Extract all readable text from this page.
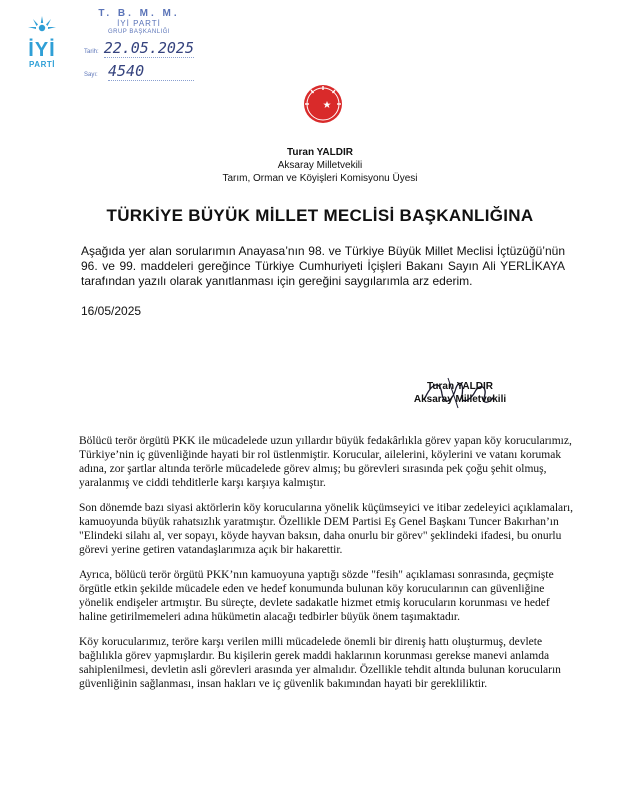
İYİ
PARTİ
T. B. M. M.
İYİ PARTİ
GRUP BAŞKANLIĞI
Tarih: 22.05.2025
Sayı: 4540
Turan YALDIR
Aksaray Milletvekili
Tarım, Orman ve Köyişleri Komisyonu Üyesi
TÜRKİYE BÜYÜK MİLLET MECLİSİ BAŞKANLIĞINA
Aşağıda yer alan sorularımın Anayasa’nın 98. ve Türkiye Büyük Millet Meclisi İçtüzüğü’nün 96. ve 99. maddeleri gereğince Türkiye Cumhuriyeti İçişleri Bakanı Sayın Ali YERLİKAYA tarafından yazılı olarak yanıtlanması için gereğini saygılarımla arz ederim.
16/05/2025
Turan YALDIR
Aksaray Milletvekili

Bölücü terör örgütü PKK ile mücadelede uzun yıllardır büyük fedakârlıkla görev yapan köy korucularımız, Türkiye’nin iç güvenliğinde hayati bir rol üstlenmiştir. Korucular, ailelerini, köylerini ve vatanı korumak adına, zor şartlar altında terörle mücadelede görev almış; bu görevleri sırasında pek çoğu şehit olmuş, yaralanmış ve ciddi tehditlerle karşı karşıya kalmıştır.

Son dönemde bazı siyasi aktörlerin köy korucularına yönelik küçümseyici ve itibar zedeleyici açıklamaları, kamuoyunda büyük rahatsızlık yaratmıştır. Özellikle DEM Partisi Eş Genel Başkanı Tuncer Bakırhan’ın "Elindeki silahı al, ver sopayı, köyde hayvan baksın, daha onurlu bir görev" şeklindeki ifadesi, bu onurlu görevi yerine getiren vatandaşlarımıza açık bir hakarettir.

Ayrıca, bölücü terör örgütü PKK’nın kamuoyuna yaptığı sözde "fesih" açıklaması sonrasında, geçmişte örgütle etkin şekilde mücadele eden ve hedef konumunda bulunan köy korucularının can güvenliğine yönelik endişeler artmıştır. Bu süreçte, devlete sadakatle hizmet etmiş korucuların korunması ve hedef haline getirilmemeleri adına hükümetin alacağı tedbirler büyük önem taşımaktadır.

Köy korucularımız, teröre karşı verilen milli mücadelede önemli bir direniş hattı oluşturmuş, devlete bağlılıkla görev yapmışlardır. Bu kişilerin gerek maddi haklarının korunması gerekse manevi anlamda sahiplenilmesi, devletin asli görevleri arasında yer almalıdır. Özellikle tehdit altında bulunan korucuların güvenliğinin sağlanması, insan hakları ve iç güvenlik bakımından hayati bir gerekliliktir.
